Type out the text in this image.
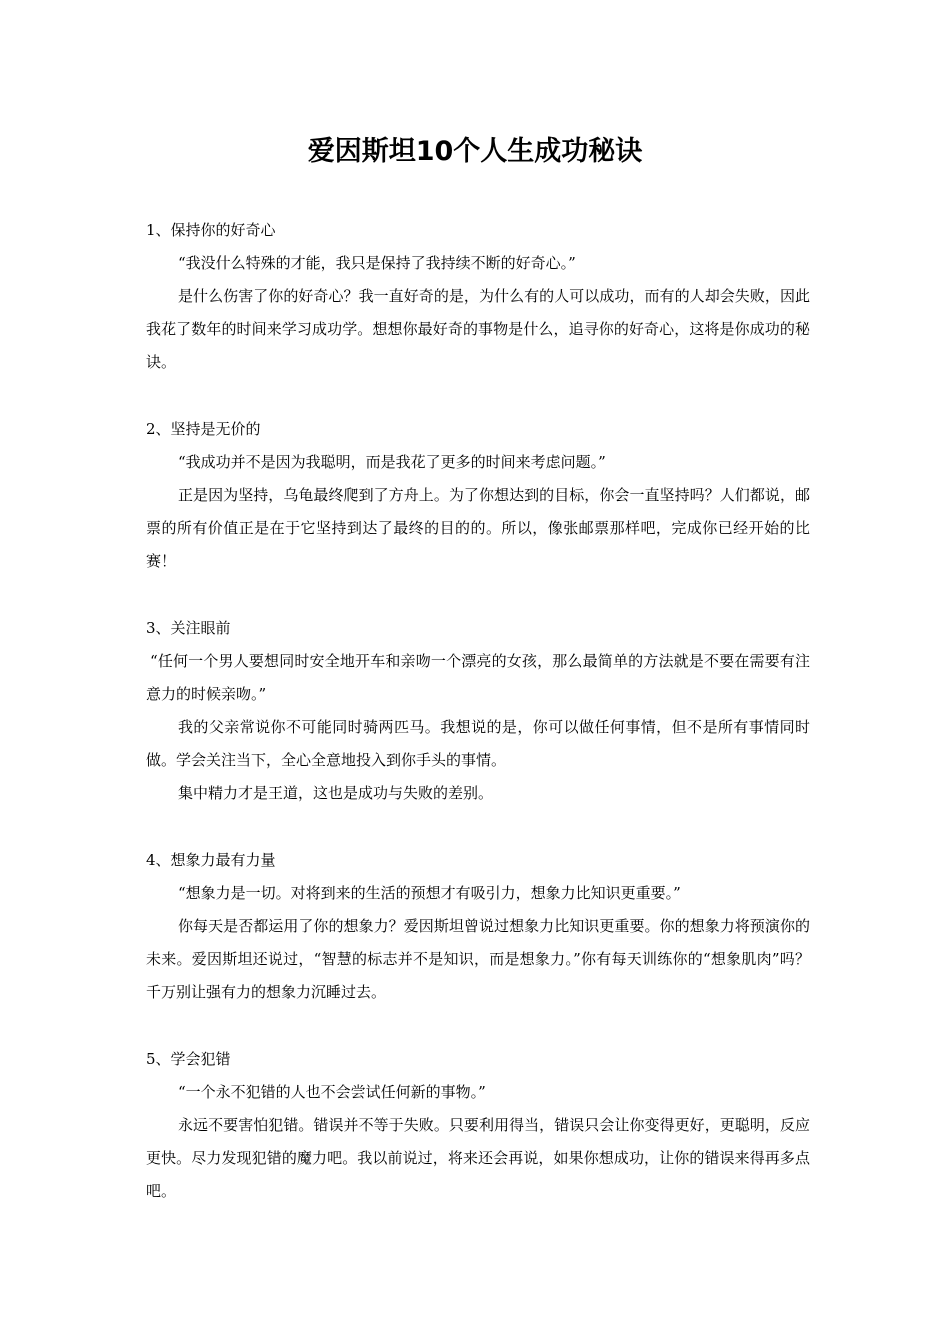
爱因斯坦10个人生成功秘诀
1、保持你的好奇心

“我没什么特殊的才能，我只是保持了我持续不断的好奇心。”

是什么伤害了你的好奇心？我一直好奇的是，为什么有的人可以成功，而有的人却会失败，因此我花了数年的时间来学习成功学。想想你最好奇的事物是什么，追寻你的好奇心，这将是你成功的秘诀。

2、坚持是无价的

“我成功并不是因为我聪明，而是我花了更多的时间来考虑问题。”

正是因为坚持，乌龟最终爬到了方舟上。为了你想达到的目标，你会一直坚持吗？人们都说，邮票的所有价值正是在于它坚持到达了最终的目的的。所以，像张邮票那样吧，完成你已经开始的比赛！

3、关注眼前

“任何一个男人要想同时安全地开车和亲吻一个漂亮的女孩，那么最简单的方法就是不要在需要有注意力的时候亲吻。”

我的父亲常说你不可能同时骑两匹马。我想说的是，你可以做任何事情，但不是所有事情同时做。学会关注当下，全心全意地投入到你手头的事情。

集中精力才是王道，这也是成功与失败的差别。

4、想象力最有力量

“想象力是一切。对将到来的生活的预想才有吸引力，想象力比知识更重要。”

你每天是否都运用了你的想象力？爱因斯坦曾说过想象力比知识更重要。你的想象力将预演你的未来。爱因斯坦还说过，“智慧的标志并不是知识，而是想象力。”你有每天训练你的“想象肌肉”吗？千万别让强有力的想象力沉睡过去。

5、学会犯错

“一个永不犯错的人也不会尝试任何新的事物。”

永远不要害怕犯错。错误并不等于失败。只要利用得当，错误只会让你变得更好，更聪明，反应更快。尽力发现犯错的魔力吧。我以前说过，将来还会再说，如果你想成功，让你的错误来得再多点吧。
